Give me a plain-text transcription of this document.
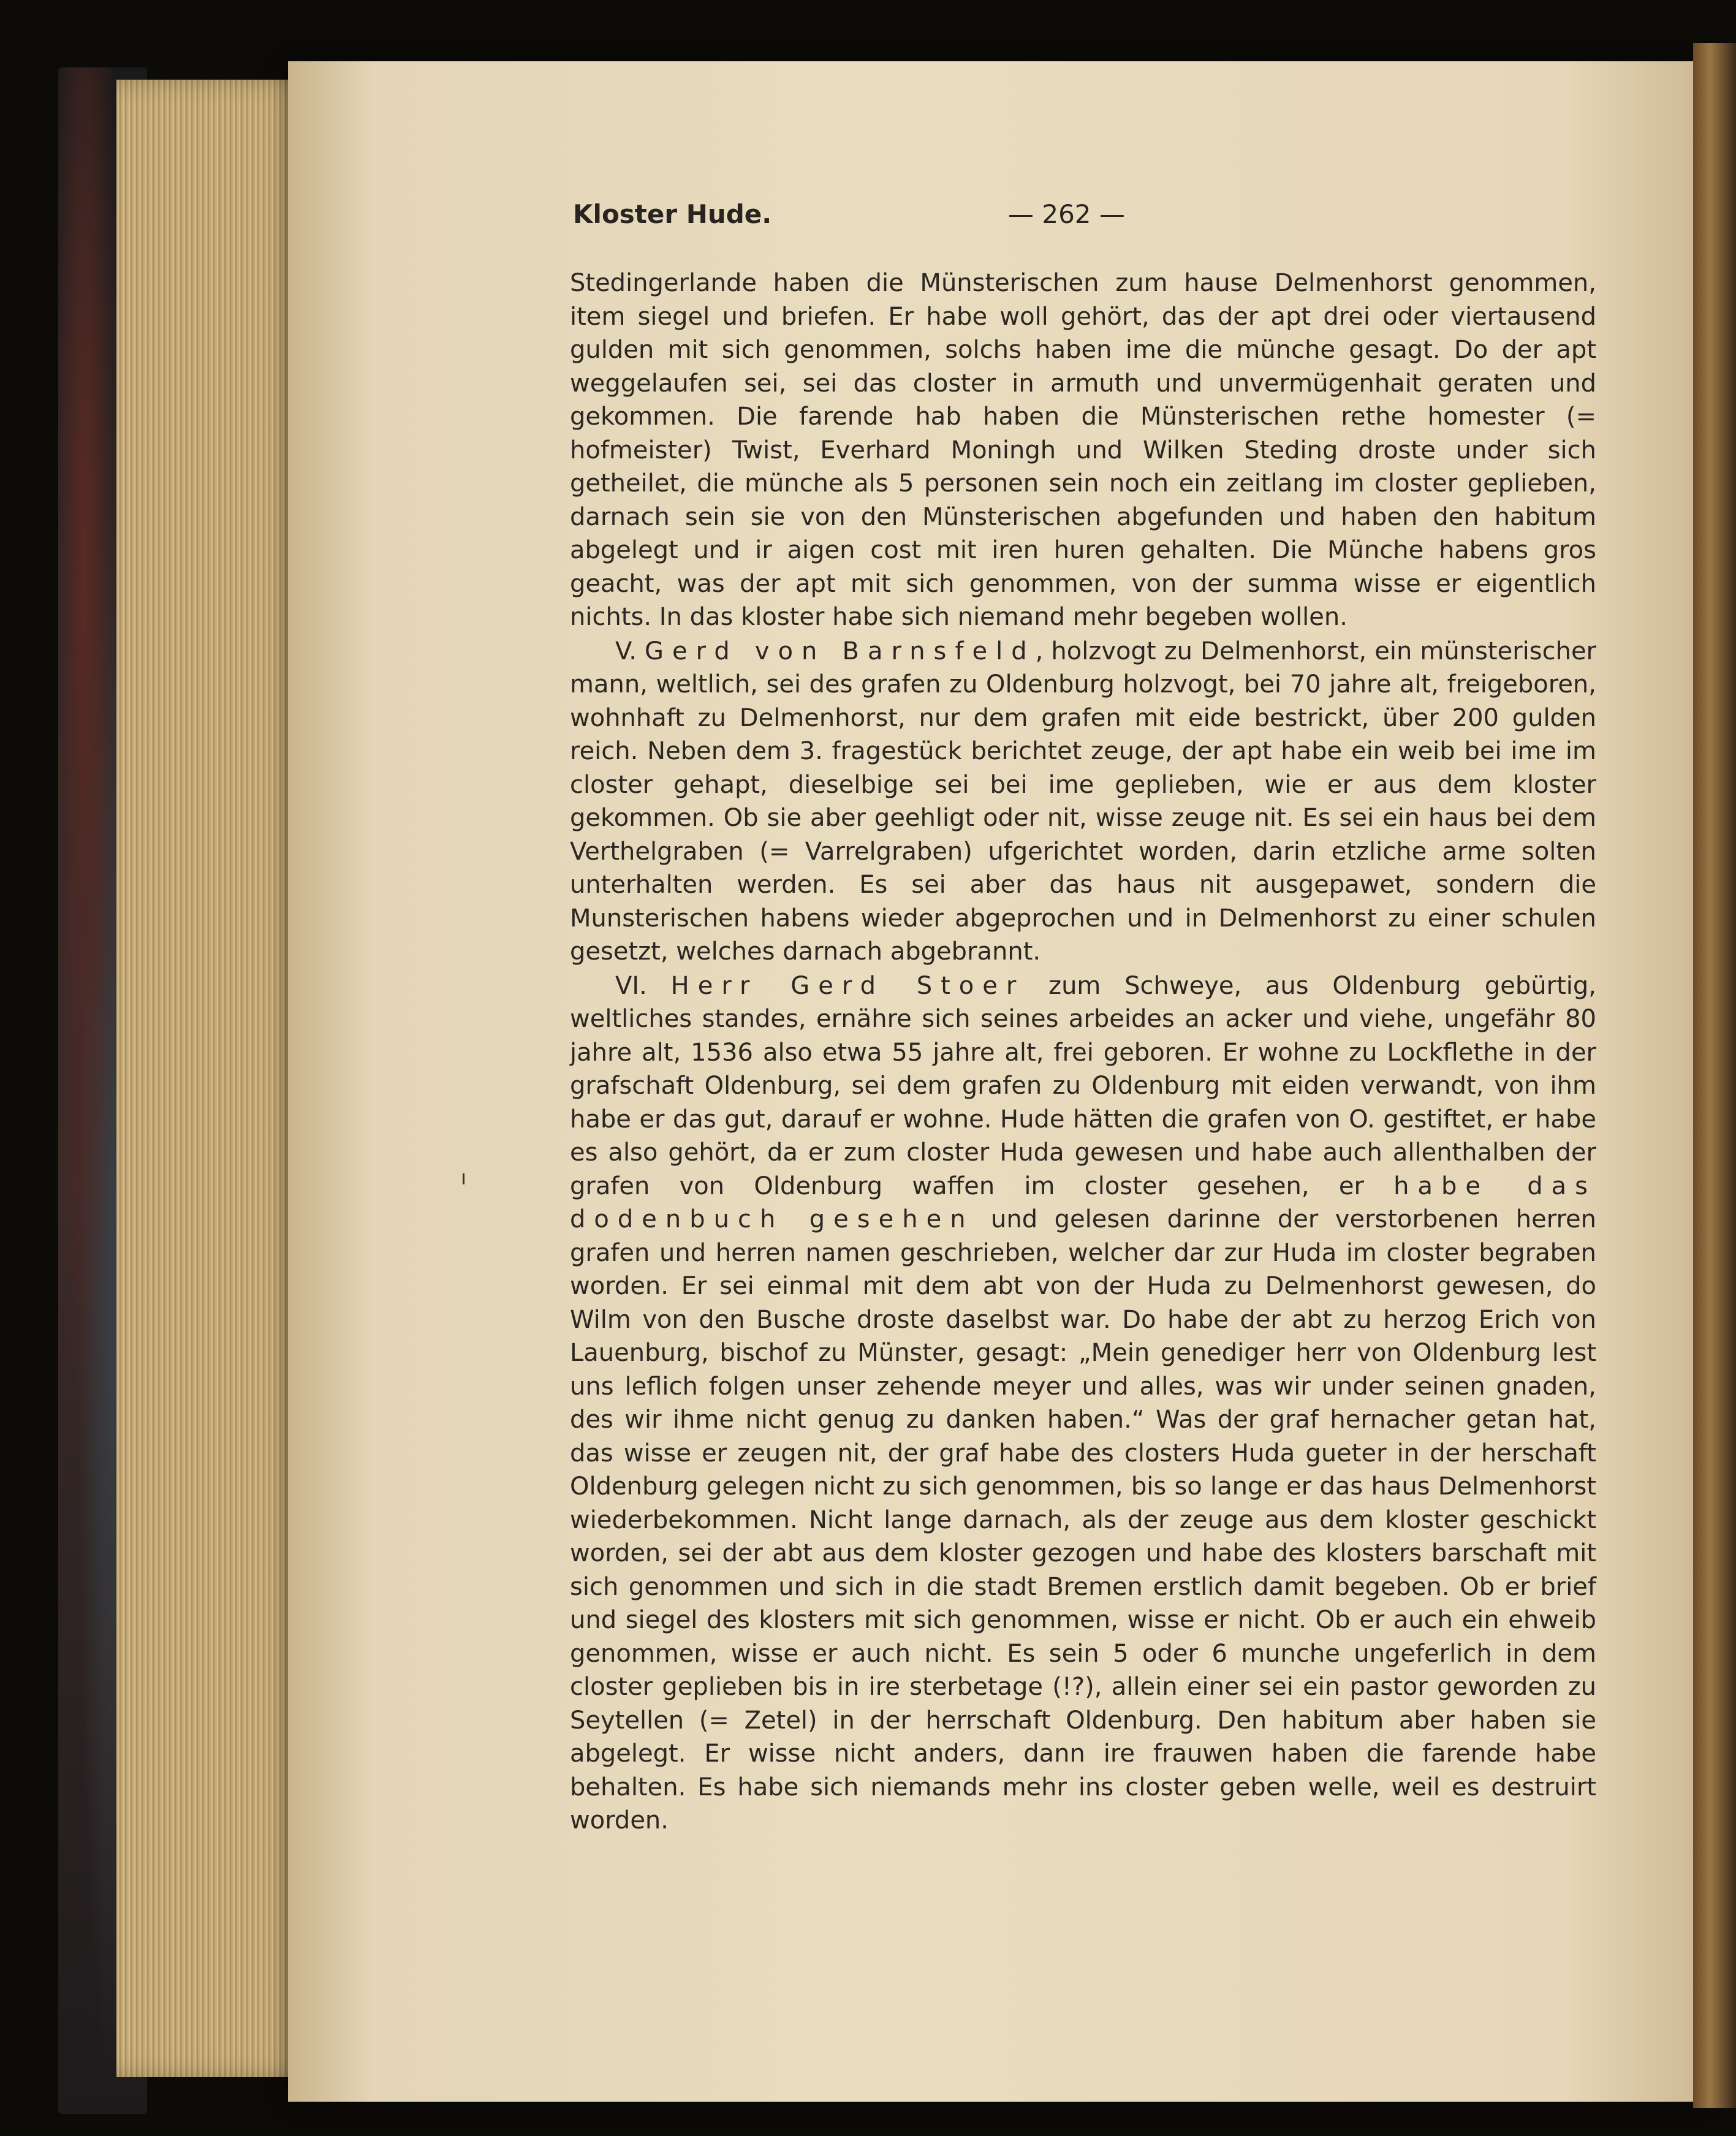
Kloster Hude.	— 262 —

Stedingerlande haben die Münsterischen zum hause Delmenhorst genommen, item siegel und briefen. Er habe woll gehört, das der apt drei oder viertausend gulden mit sich genommen, solchs haben ime die münche gesagt. Do der apt weggelaufen sei, sei das closter in armuth und unvermügenhait geraten und gekommen. Die farende hab haben die Münsterischen rethe homester (= hofmeister) Twist, Everhard Moningh und Wilken Steding droste under sich getheilet, die münche als 5 personen sein noch ein zeitlang im closter geplieben, darnach sein sie von den Münsterischen abgefunden und haben den habitum abgelegt und ir aigen cost mit iren huren gehalten. Die Münche habens gros geacht, was der apt mit sich genommen, von der summa wisse er eigentlich nichts. In das kloster habe sich niemand mehr begeben wollen.

V. Gerd von Barnsfeld, holzvogt zu Delmenhorst, ein münsterischer mann, weltlich, sei des grafen zu Oldenburg holzvogt, bei 70 jahre alt, freigeboren, wohnhaft zu Delmenhorst, nur dem grafen mit eide bestrickt, über 200 gulden reich. Neben dem 3. fragestück berichtet zeuge, der apt habe ein weib bei ime im closter gehapt, dieselbige sei bei ime geplieben, wie er aus dem kloster gekommen. Ob sie aber geehligt oder nit, wisse zeuge nit. Es sei ein haus bei dem Verthelgraben (= Varrelgraben) ufgerichtet worden, darin etzliche arme solten unterhalten werden. Es sei aber das haus nit ausgepawet, sondern die Munsterischen habens wieder abgeprochen und in Delmenhorst zu einer schulen gesetzt, welches darnach abgebrannt.

VI. Herr Gerd Stoer zum Schweye, aus Oldenburg gebürtig, weltliches standes, ernähre sich seines arbeides an acker und viehe, ungefähr 80 jahre alt, 1536 also etwa 55 jahre alt, frei geboren. Er wohne zu Lockflethe in der grafschaft Oldenburg, sei dem grafen zu Oldenburg mit eiden verwandt, von ihm habe er das gut, darauf er wohne. Hude hätten die grafen von O. gestiftet, er habe es also gehört, da er zum closter Huda gewesen und habe auch allenthalben der grafen von Oldenburg waffen im closter gesehen, er habe das dodenbuch gesehen und gelesen darinne der verstorbenen herren grafen und herren namen geschrieben, welcher dar zur Huda im closter begraben worden. Er sei einmal mit dem abt von der Huda zu Delmenhorst gewesen, do Wilm von den Busche droste daselbst war. Do habe der abt zu herzog Erich von Lauenburg, bischof zu Münster, gesagt: „Mein genediger herr von Oldenburg lest uns leflich folgen unser zehende meyer und alles, was wir under seinen gnaden, des wir ihme nicht genug zu danken haben.“ Was der graf hernacher getan hat, das wisse er zeugen nit, der graf habe des closters Huda gueter in der herschaft Oldenburg gelegen nicht zu sich genommen, bis so lange er das haus Delmenhorst wiederbekommen. Nicht lange darnach, als der zeuge aus dem kloster geschickt worden, sei der abt aus dem kloster gezogen und habe des klosters barschaft mit sich genommen und sich in die stadt Bremen erstlich damit begeben. Ob er brief und siegel des klosters mit sich genommen, wisse er nicht. Ob er auch ein ehweib genommen, wisse er auch nicht. Es sein 5 oder 6 munche ungeferlich in dem closter geplieben bis in ire sterbetage (!?), allein einer sei ein pastor geworden zu Seytellen (= Zetel) in der herrschaft Oldenburg. Den habitum aber haben sie abgelegt. Er wisse nicht anders, dann ire frauwen haben die farende habe behalten. Es habe sich niemands mehr ins closter geben welle, weil es destruirt worden.
